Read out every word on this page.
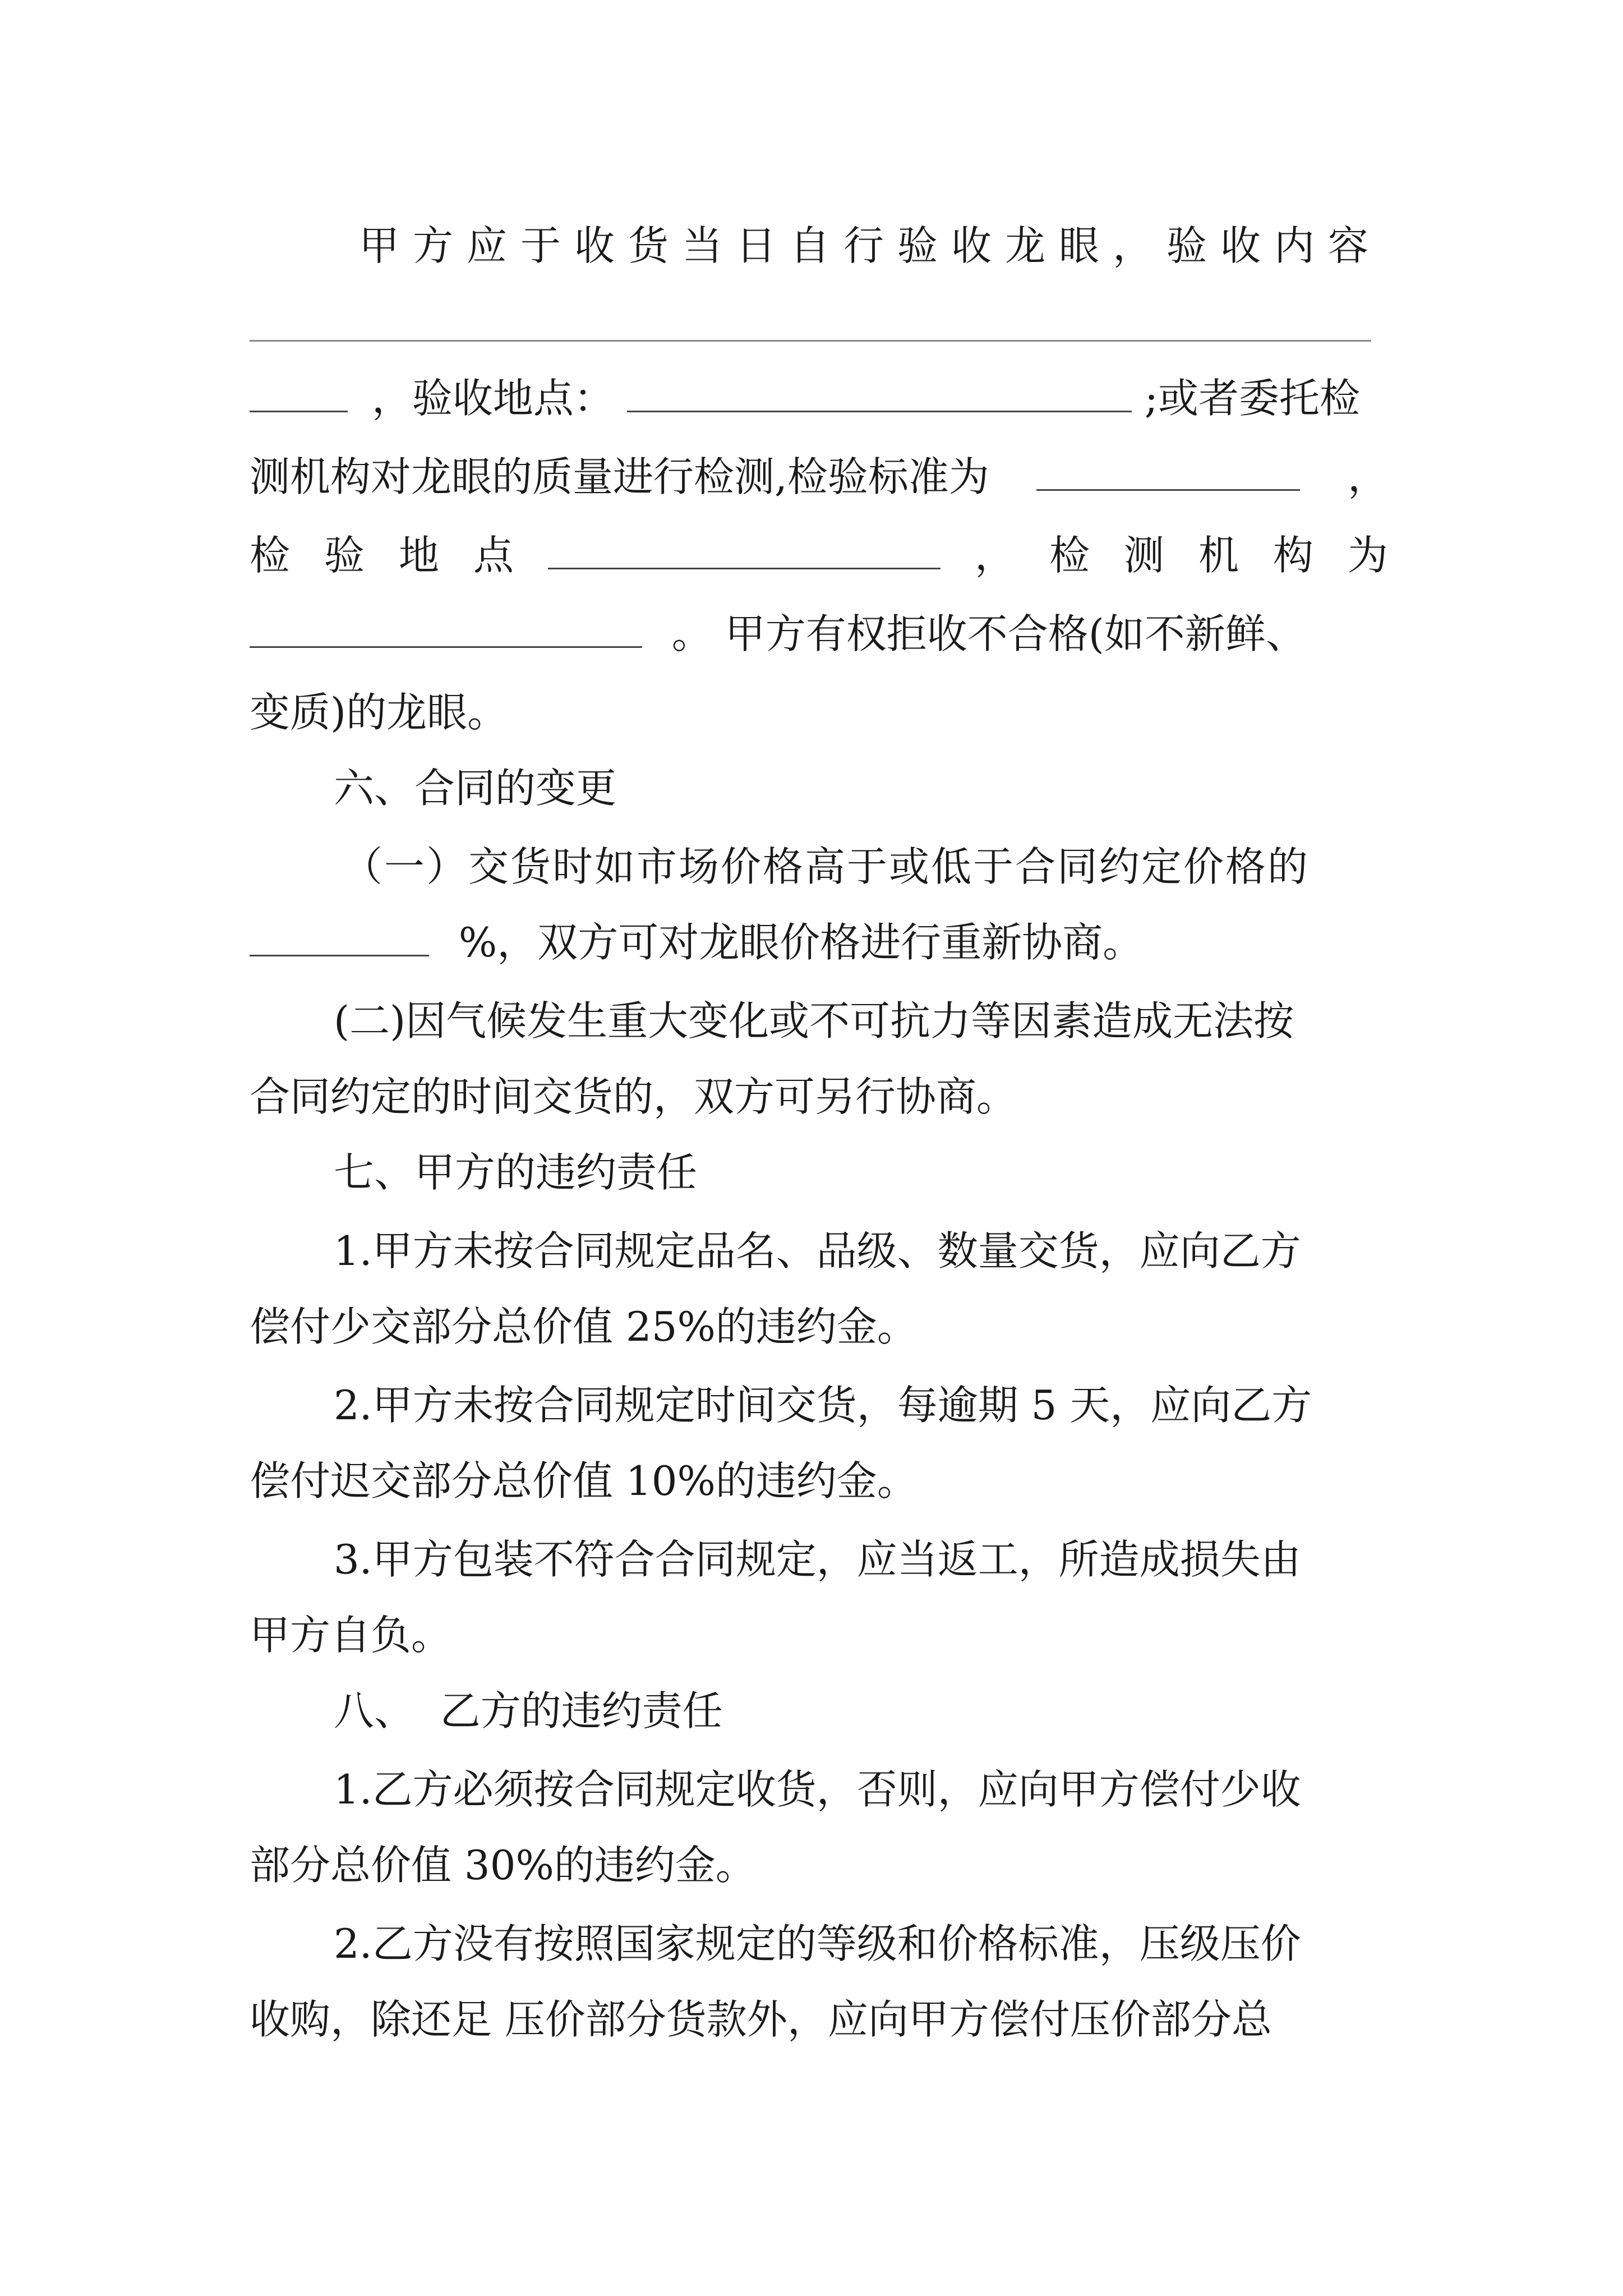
甲方应于收货当日自行验收龙眼，验收内容
，验收地点：	;或者委托检
测机构对龙眼的质量进行检测,检验标准为	，
检 验 地 点	， 检 测 机 构 为
。 甲方有权拒收不合格(如不新鲜、
变质)的龙眼。
六、合同的变更
（一）交货时如市场价格高于或低于合同约定价格的
%，双方可对龙眼价格进行重新协商。
(二)因气候发生重大变化或不可抗力等因素造成无法按
合同约定的时间交货的，双方可另行协商。
七、甲方的违约责任
1.甲方未按合同规定品名、品级、数量交货，应向乙方
偿付少交部分总价值 25%的违约金。
2.甲方未按合同规定时间交货，每逾期 5 天，应向乙方
偿付迟交部分总价值 10%的违约金。
3.甲方包装不符合合同规定，应当返工，所造成损失由
甲方自负。
八、  乙方的违约责任
1.乙方必须按合同规定收货，否则，应向甲方偿付少收
部分总价值 30%的违约金。
2.乙方没有按照国家规定的等级和价格标准，压级压价
收购，除还足 压价部分货款外，应向甲方偿付压价部分总
